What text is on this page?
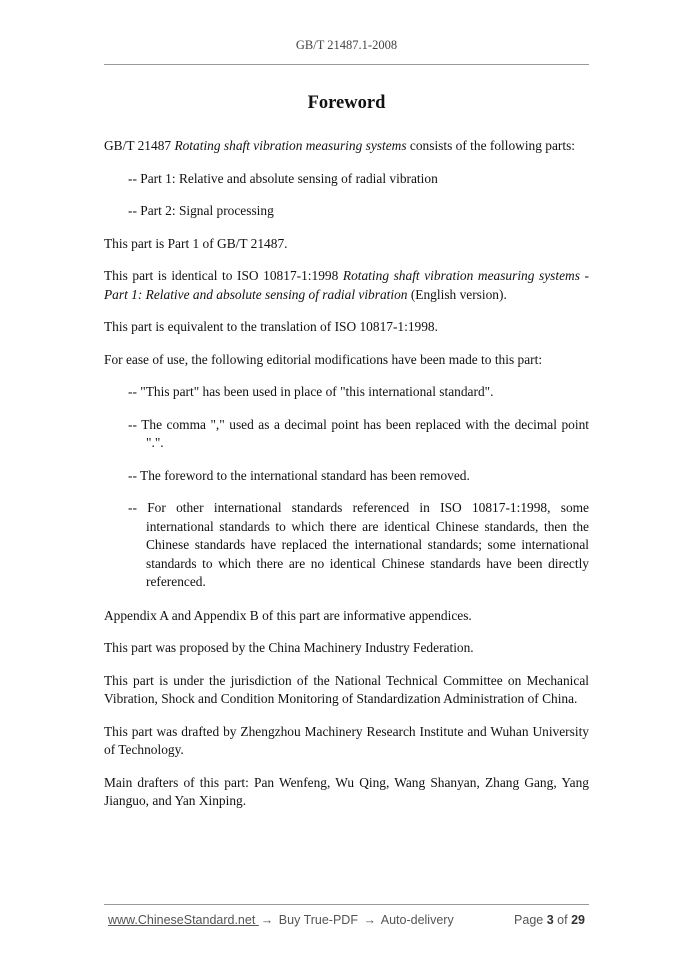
GB/T 21487.1-2008
Foreword

GB/T 21487 Rotating shaft vibration measuring systems consists of the following parts:

-- Part 1: Relative and absolute sensing of radial vibration

-- Part 2: Signal processing

This part is Part 1 of GB/T 21487.

This part is identical to ISO 10817-1:1998 Rotating shaft vibration measuring systems - Part 1: Relative and absolute sensing of radial vibration (English version).

This part is equivalent to the translation of ISO 10817-1:1998.

For ease of use, the following editorial modifications have been made to this part:

-- "This part" has been used in place of "this international standard".

-- The comma "," used as a decimal point has been replaced with the decimal point ".".

-- The foreword to the international standard has been removed.

-- For other international standards referenced in ISO 10817-1:1998, some international standards to which there are identical Chinese standards, then the Chinese standards have replaced the international standards; some international standards to which there are no identical Chinese standards have been directly referenced.

Appendix A and Appendix B of this part are informative appendices.

This part was proposed by the China Machinery Industry Federation.

This part is under the jurisdiction of the National Technical Committee on Mechanical Vibration, Shock and Condition Monitoring of Standardization Administration of China.

This part was drafted by Zhengzhou Machinery Research Institute and Wuhan University of Technology.

Main drafters of this part: Pan Wenfeng, Wu Qing, Wang Shanyan, Zhang Gang, Yang Jianguo, and Yan Xinping.

www.ChineseStandard.net → Buy True-PDF → Auto-delivery	Page 3 of 29
